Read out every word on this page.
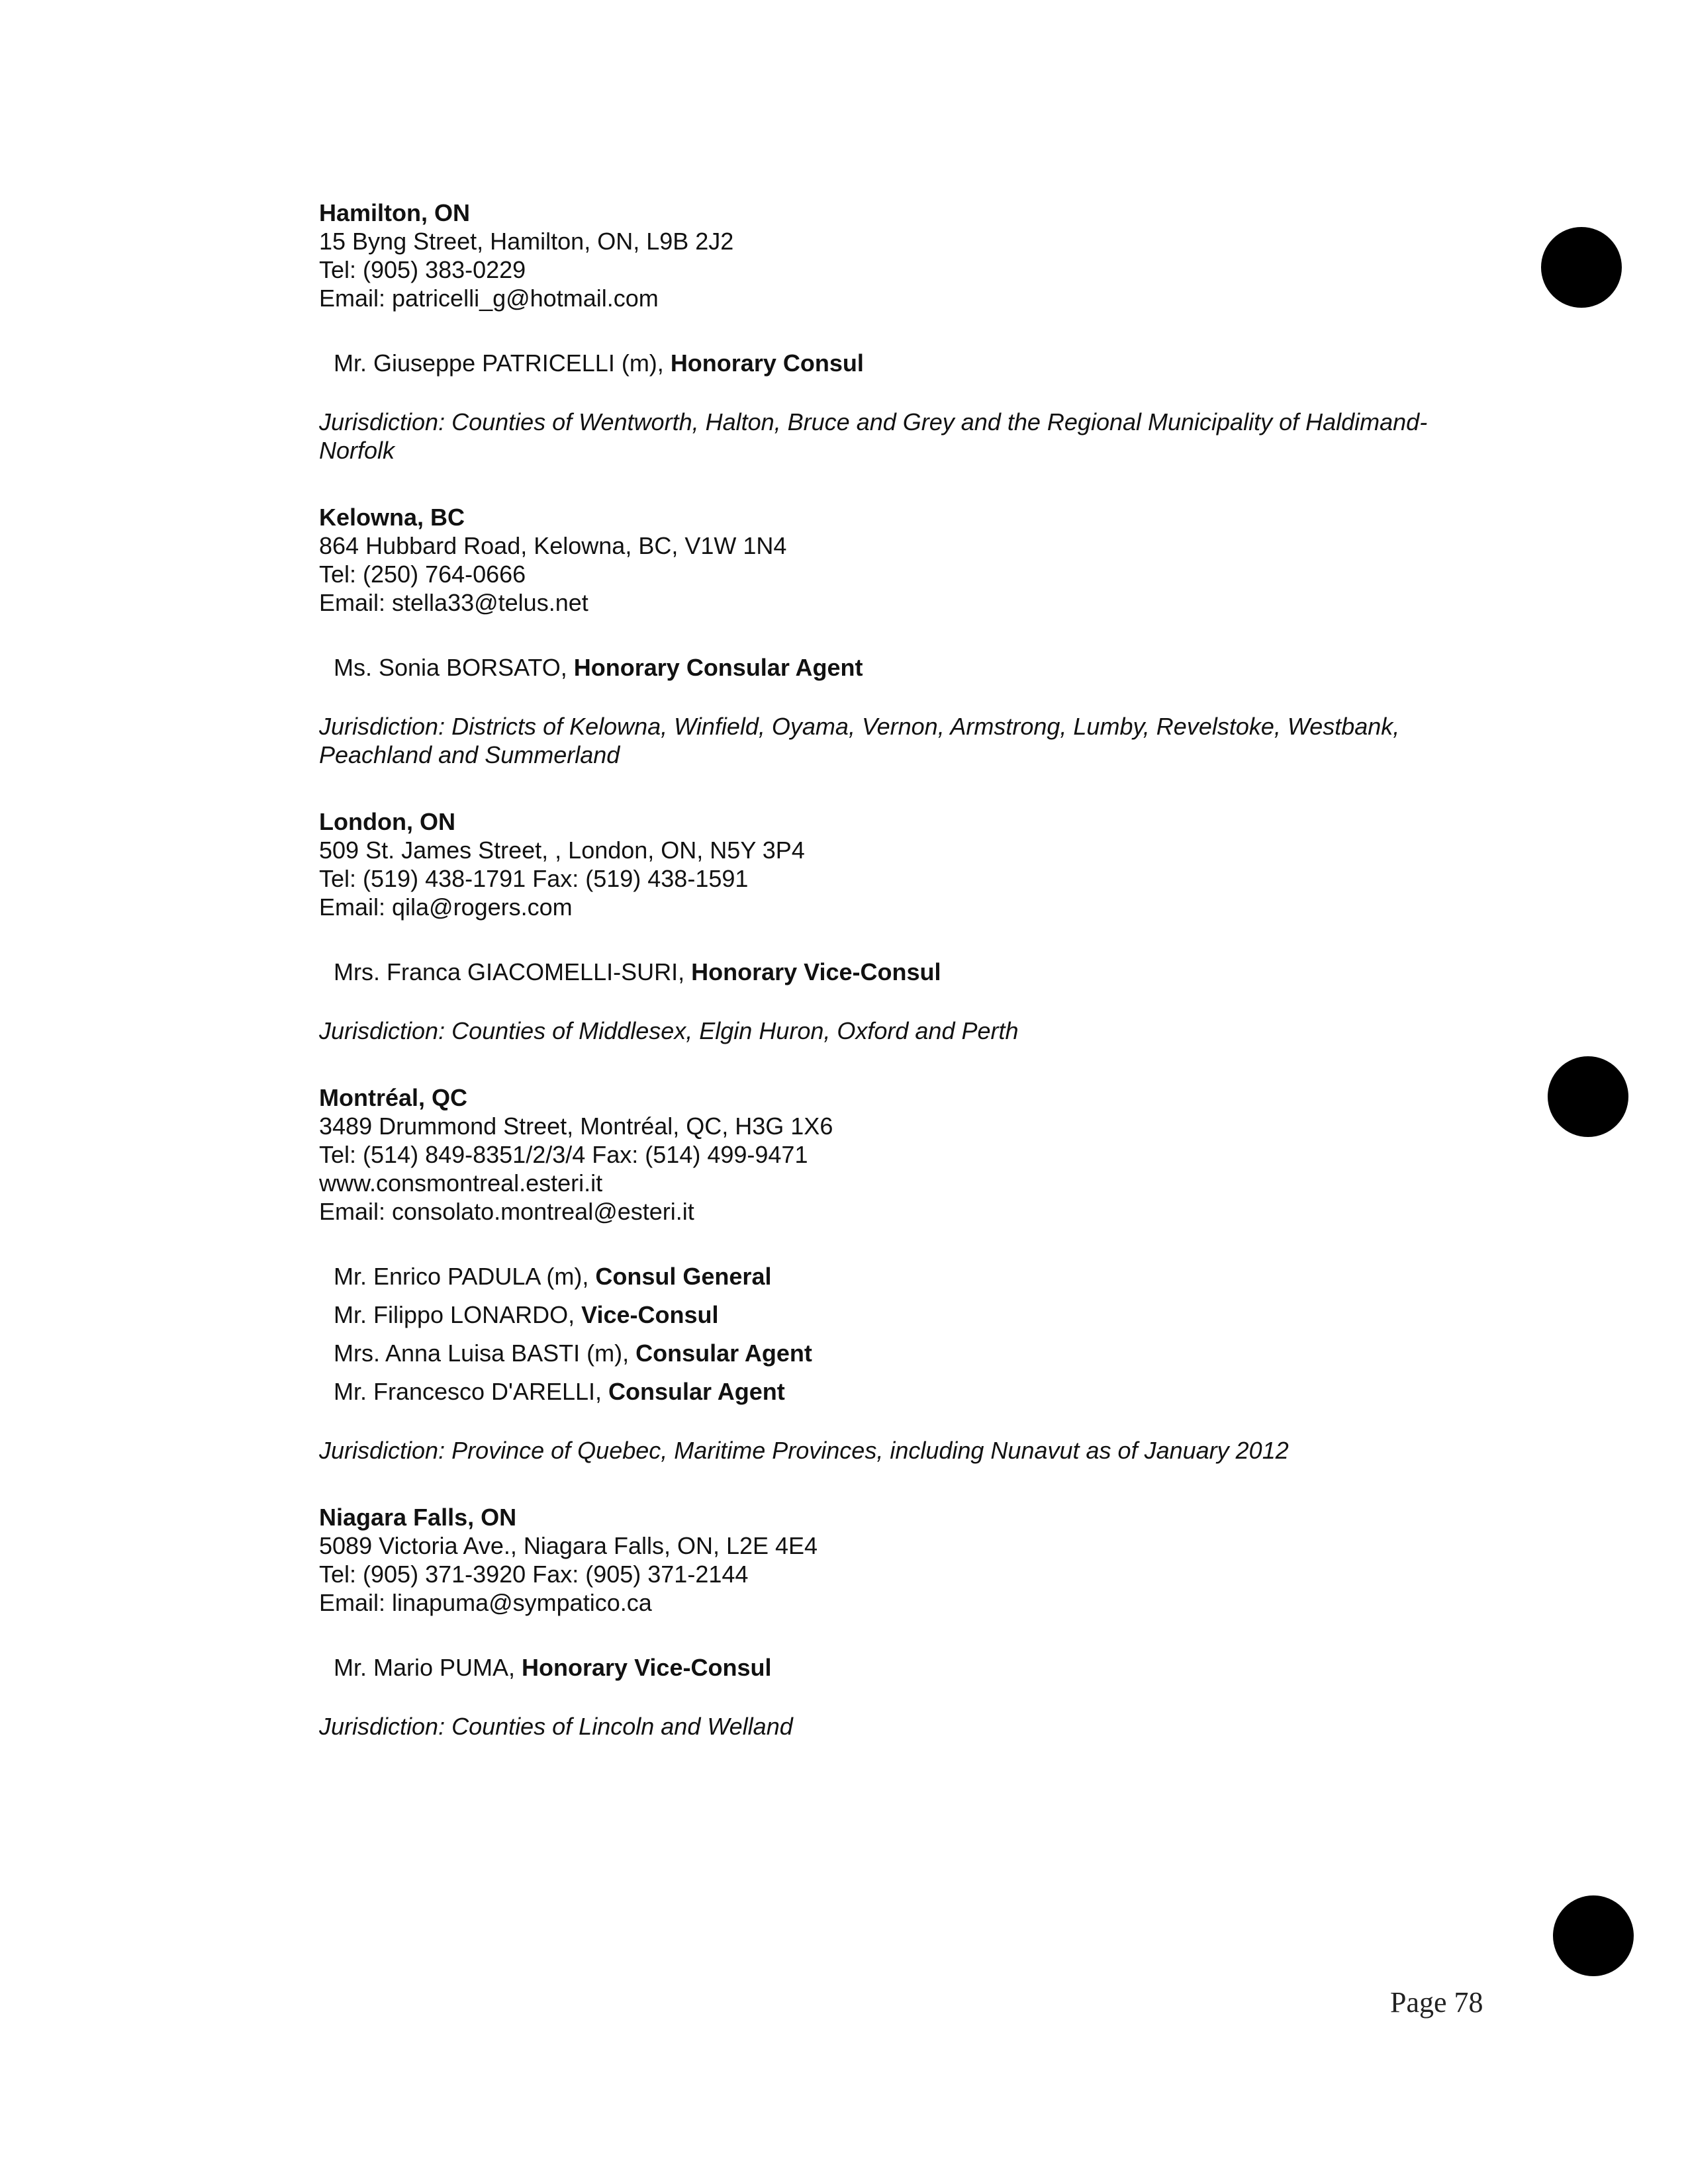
Hamilton, ON
15 Byng Street, Hamilton, ON, L9B 2J2
Tel: (905) 383-0229
Email: patricelli_g@hotmail.com
Mr. Giuseppe PATRICELLI (m), Honorary Consul
Jurisdiction: Counties of Wentworth, Halton, Bruce and Grey and the Regional Municipality of Haldimand-Norfolk
Kelowna, BC
864 Hubbard Road, Kelowna, BC, V1W 1N4
Tel: (250) 764-0666
Email: stella33@telus.net
Ms. Sonia BORSATO, Honorary Consular Agent
Jurisdiction: Districts of Kelowna, Winfield, Oyama, Vernon, Armstrong, Lumby, Revelstoke, Westbank, Peachland and Summerland
London, ON
509 St. James Street, , London, ON, N5Y 3P4
Tel: (519) 438-1791 Fax: (519) 438-1591
Email: qila@rogers.com
Mrs. Franca GIACOMELLI-SURI, Honorary Vice-Consul
Jurisdiction: Counties of Middlesex, Elgin Huron, Oxford and Perth
Montréal, QC
3489 Drummond Street, Montréal, QC, H3G 1X6
Tel: (514) 849-8351/2/3/4 Fax: (514) 499-9471
www.consmontreal.esteri.it
Email: consolato.montreal@esteri.it
Mr. Enrico PADULA (m), Consul General
Mr. Filippo LONARDO, Vice-Consul
Mrs. Anna Luisa BASTI (m), Consular Agent
Mr. Francesco D'ARELLI, Consular Agent
Jurisdiction: Province of Quebec, Maritime Provinces, including Nunavut as of January 2012
Niagara Falls, ON
5089 Victoria Ave., Niagara Falls, ON, L2E 4E4
Tel: (905) 371-3920 Fax: (905) 371-2144
Email: linapuma@sympatico.ca
Mr. Mario PUMA, Honorary Vice-Consul
Jurisdiction: Counties of Lincoln and Welland
Page 78
